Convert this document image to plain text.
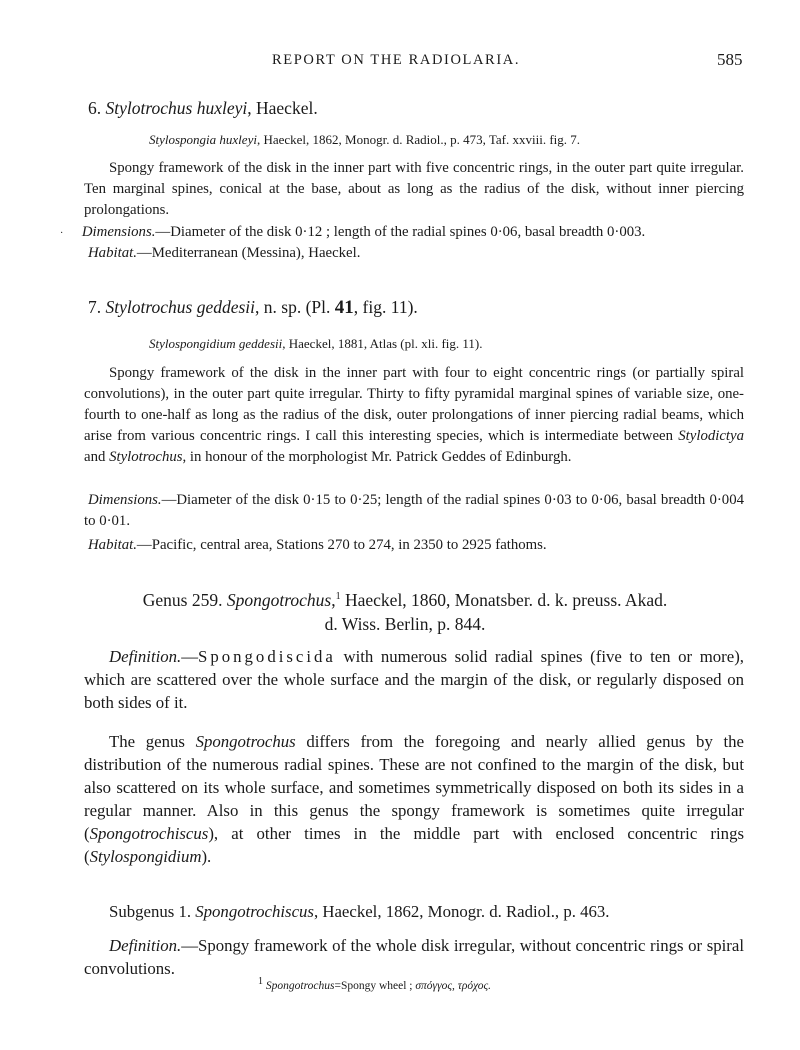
REPORT ON THE RADIOLARIA.	585
6. Stylotrochus huxleyi, Haeckel.
Stylospongia huxleyi, Haeckel, 1862, Monogr. d. Radiol., p. 473, Taf. xxviii. fig. 7.

Spongy framework of the disk in the inner part with five concentric rings, in the outer part quite irregular. Ten marginal spines, conical at the base, about as long as the radius of the disk, without inner piercing prolongations.

· Dimensions.—Diameter of the disk 0·12 ; length of the radial spines 0·06, basal breadth 0·003.
Habitat.—Mediterranean (Messina), Haeckel.
7. Stylotrochus geddesii, n. sp. (Pl. 41, fig. 11).
Stylospongidium geddesii, Haeckel, 1881, Atlas (pl. xli. fig. 11).

Spongy framework of the disk in the inner part with four to eight concentric rings (or partially spiral convolutions), in the outer part quite irregular. Thirty to fifty pyramidal marginal spines of variable size, one-fourth to one-half as long as the radius of the disk, outer prolongations of inner piercing radial beams, which arise from various concentric rings. I call this interesting species, which is intermediate between Stylodictya and Stylotrochus, in honour of the morphologist Mr. Patrick Geddes of Edinburgh.

Dimensions.—Diameter of the disk 0·15 to 0·25; length of the radial spines 0·03 to 0·06, basal breadth 0·004 to 0·01.

Habitat.—Pacific, central area, Stations 270 to 274, in 2350 to 2925 fathoms.
Genus 259. Spongotrochus,$^1$ Haeckel, 1860, Monatsber. d. k. preuss. Akad.
d. Wiss. Berlin, p. 844.

Definition.—Spongodiscida with numerous solid radial spines (five to ten or more), which are scattered over the whole surface and the margin of the disk, or regularly disposed on both sides of it.

The genus Spongotrochus differs from the foregoing and nearly allied genus by the distribution of the numerous radial spines. These are not confined to the margin of the disk, but also scattered on its whole surface, and sometimes symmetrically disposed on both its sides in a regular manner. Also in this genus the spongy framework is sometimes quite irregular (Spongotrochiscus), at other times in the middle part with enclosed concentric rings (Stylospongidium).

Subgenus 1. Spongotrochiscus, Haeckel, 1862, Monogr. d. Radiol., p. 463.

Definition.—Spongy framework of the whole disk irregular, without concentric rings or spiral convolutions.

$^1$ Spongotrochus=Spongy wheel ; σπόγγος, τρόχος.
